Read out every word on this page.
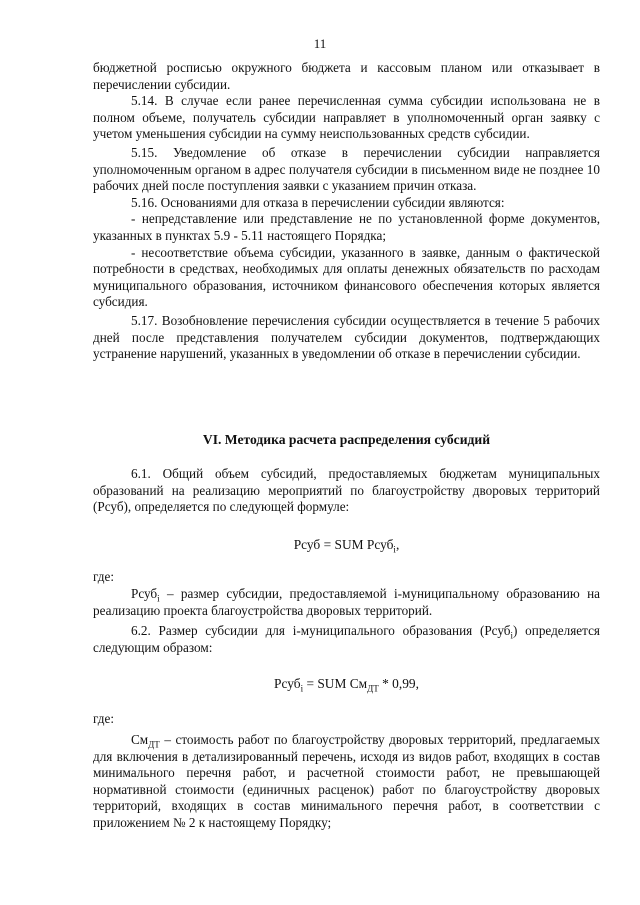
11

бюджетной росписью окружного бюджета и кассовым планом или отказывает в перечислении субсидии.

5.14. В случае если ранее перечисленная сумма субсидии использована не в полном объеме, получатель субсидии направляет в уполномоченный орган заявку с учетом уменьшения субсидии на сумму неиспользованных средств субсидии.

5.15. Уведомление об отказе в перечислении субсидии направляется уполномоченным органом в адрес получателя субсидии в письменном виде не позднее 10 рабочих дней после поступления заявки с указанием причин отказа.

5.16. Основаниями для отказа в перечислении субсидии являются:

- непредставление или представление не по установленной форме документов, указанных в пунктах 5.9 - 5.11 настоящего Порядка;

- несоответствие объема субсидии, указанного в заявке, данным о фактической потребности в средствах, необходимых для оплаты денежных обязательств по расходам муниципального образования, источником финансового обеспечения которых является субсидия.

5.17. Возобновление перечисления субсидии осуществляется в течение 5 рабочих дней после представления получателем субсидии документов, подтверждающих устранение нарушений, указанных в уведомлении об отказе в перечислении субсидии.

VI. Методика расчета распределения субсидий
6.1. Общий объем субсидий, предоставляемых бюджетам муниципальных образований на реализацию мероприятий по благоустройству дворовых территорий (Рсуб), определяется по следующей формуле:
Рсуб = SUM Рсуб$_i$,
где:
Рсуб$_i$ – размер субсидии, предоставляемой i-муниципальному образованию на реализацию проекта благоустройства дворовых территорий.
6.2. Размер субсидии для i-муниципального образования (Рсуб$_i$) определяется следующим образом:
Рсуб$_i$ = SUM $См_{ДТ} * 0,99$,
где:
$См_{ДТ}$ – стоимость работ по благоустройству дворовых территорий, предлагаемых для включения в детализированный перечень, исходя из видов работ, входящих в состав минимального перечня работ, и расчетной стоимости работ, не превышающей нормативной стоимости (единичных расценок) работ по благоустройству дворовых территорий, входящих в состав минимального перечня работ, в соответствии с приложением № 2 к настоящему Порядку;
